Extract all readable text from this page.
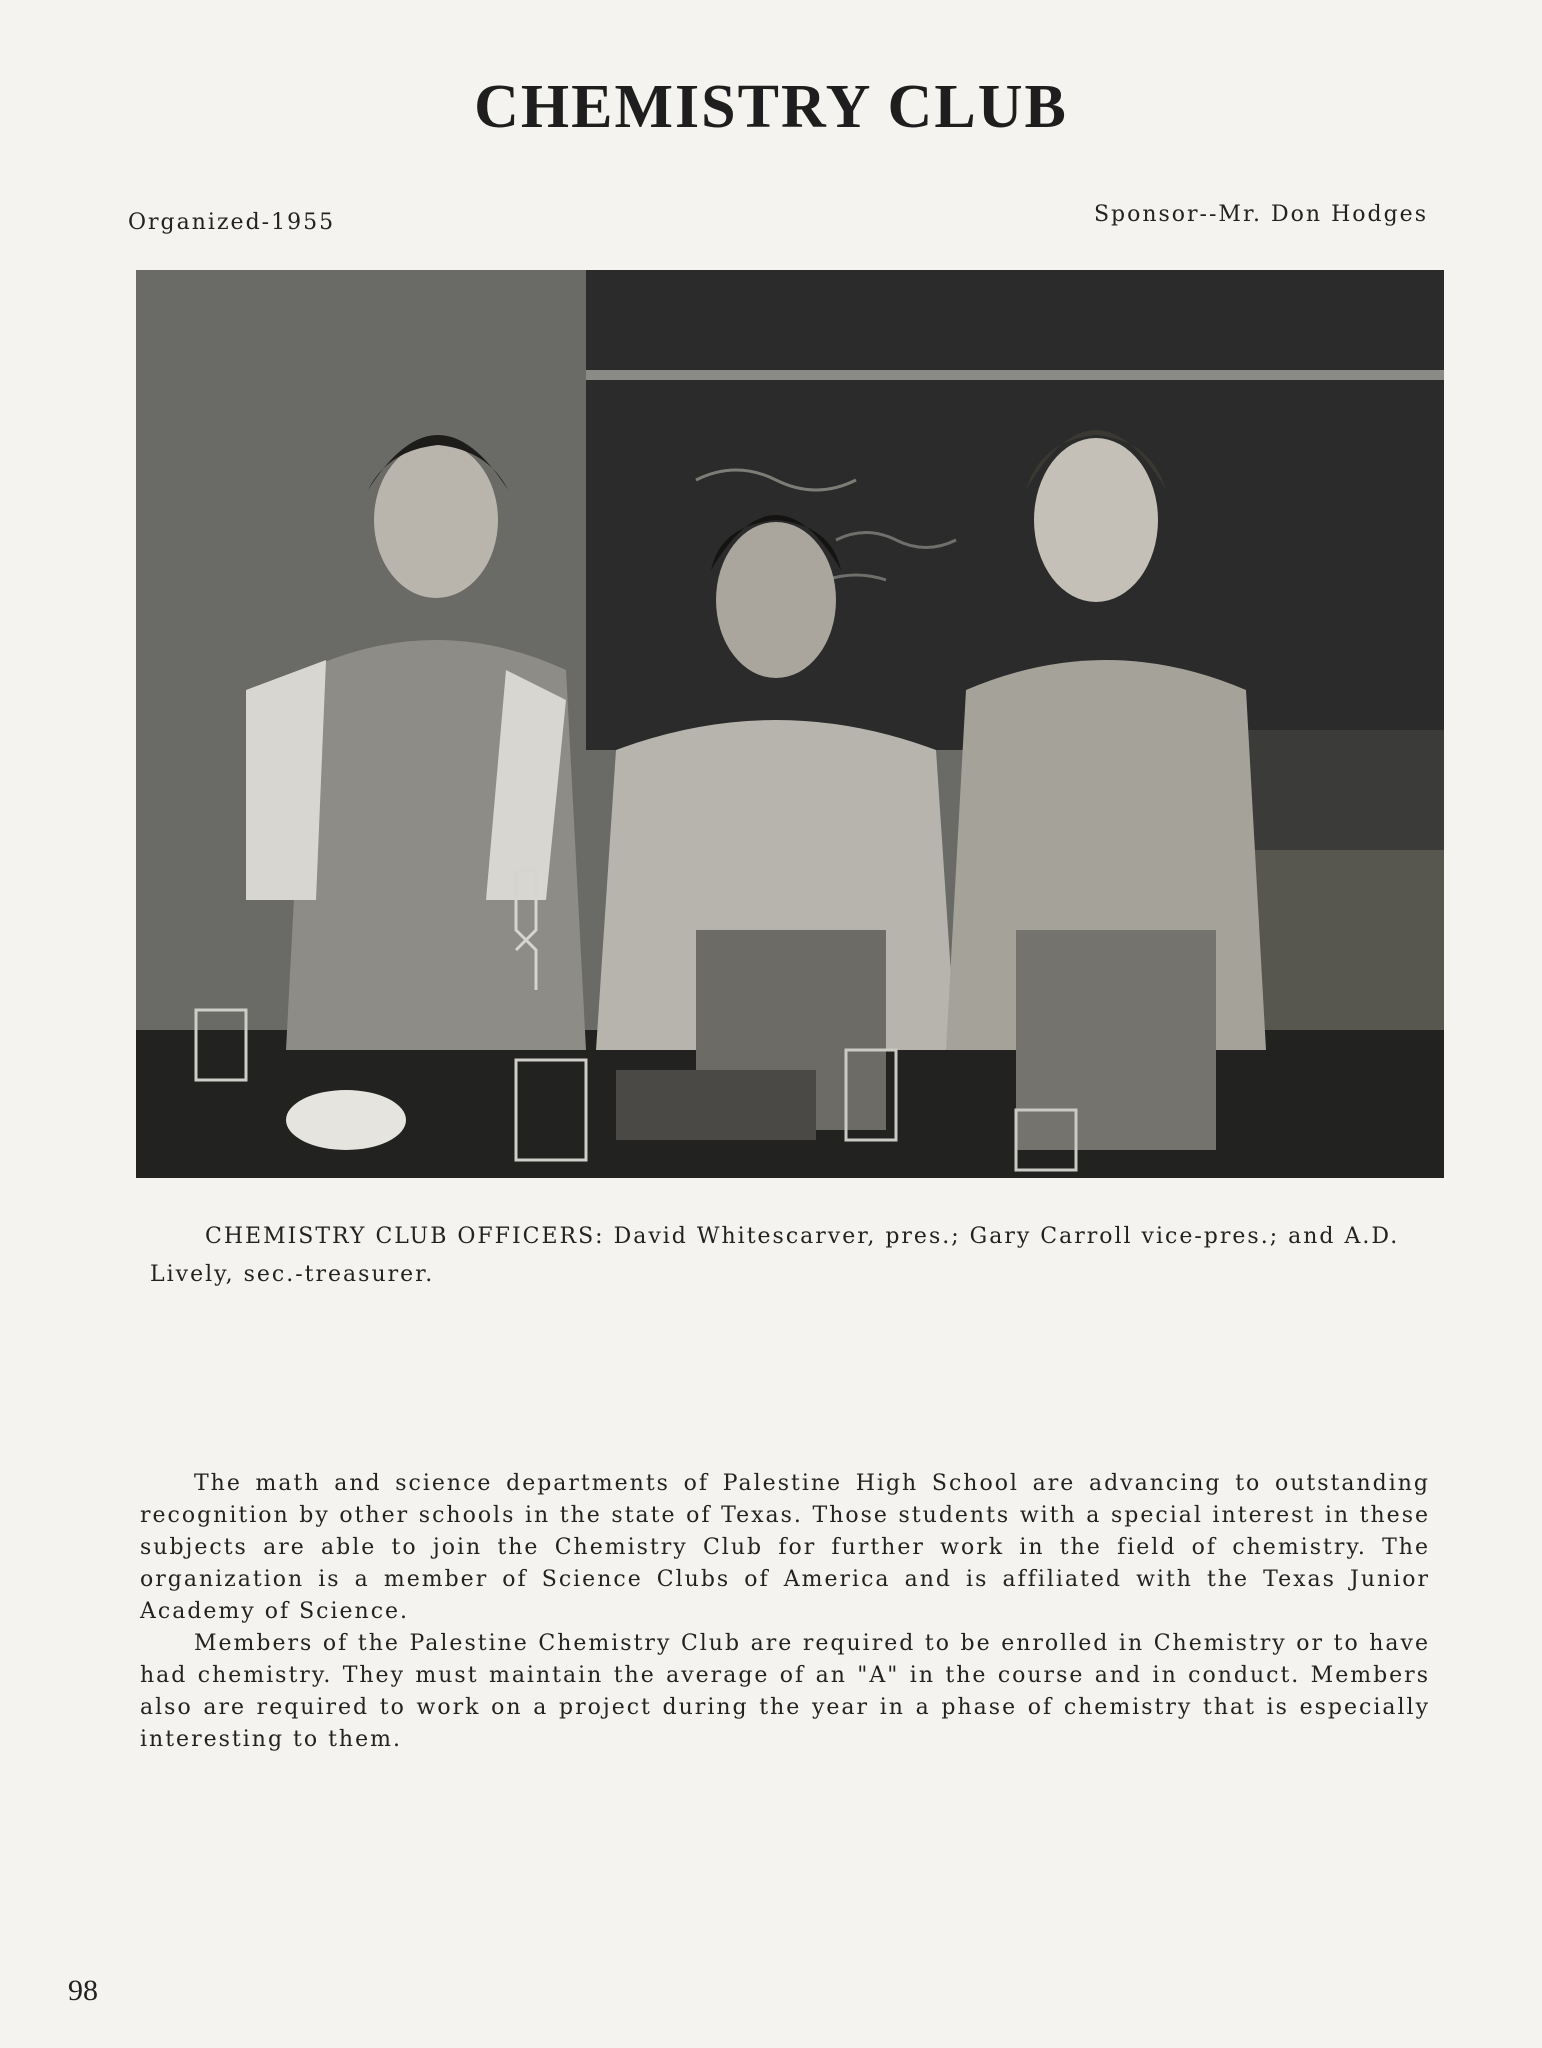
CHEMISTRY CLUB
Organized-1955	Sponsor--Mr. Don Hodges

CHEMISTRY CLUB OFFICERS: David Whitescarver, pres.; Gary Carroll vice-pres.; and A.D. Lively, sec.-treasurer.

The math and science departments of Palestine High School are advancing to outstanding recognition by other schools in the state of Texas. Those students with a special interest in these subjects are able to join the Chemistry Club for further work in the field of chemistry. The organization is a member of Science Clubs of America and is affiliated with the Texas Junior Academy of Science.

Members of the Palestine Chemistry Club are required to be enrolled in Chemistry or to have had chemistry. They must maintain the average of an "A" in the course and in conduct. Members also are required to work on a project during the year in a phase of chemistry that is especially interesting to them.

98
